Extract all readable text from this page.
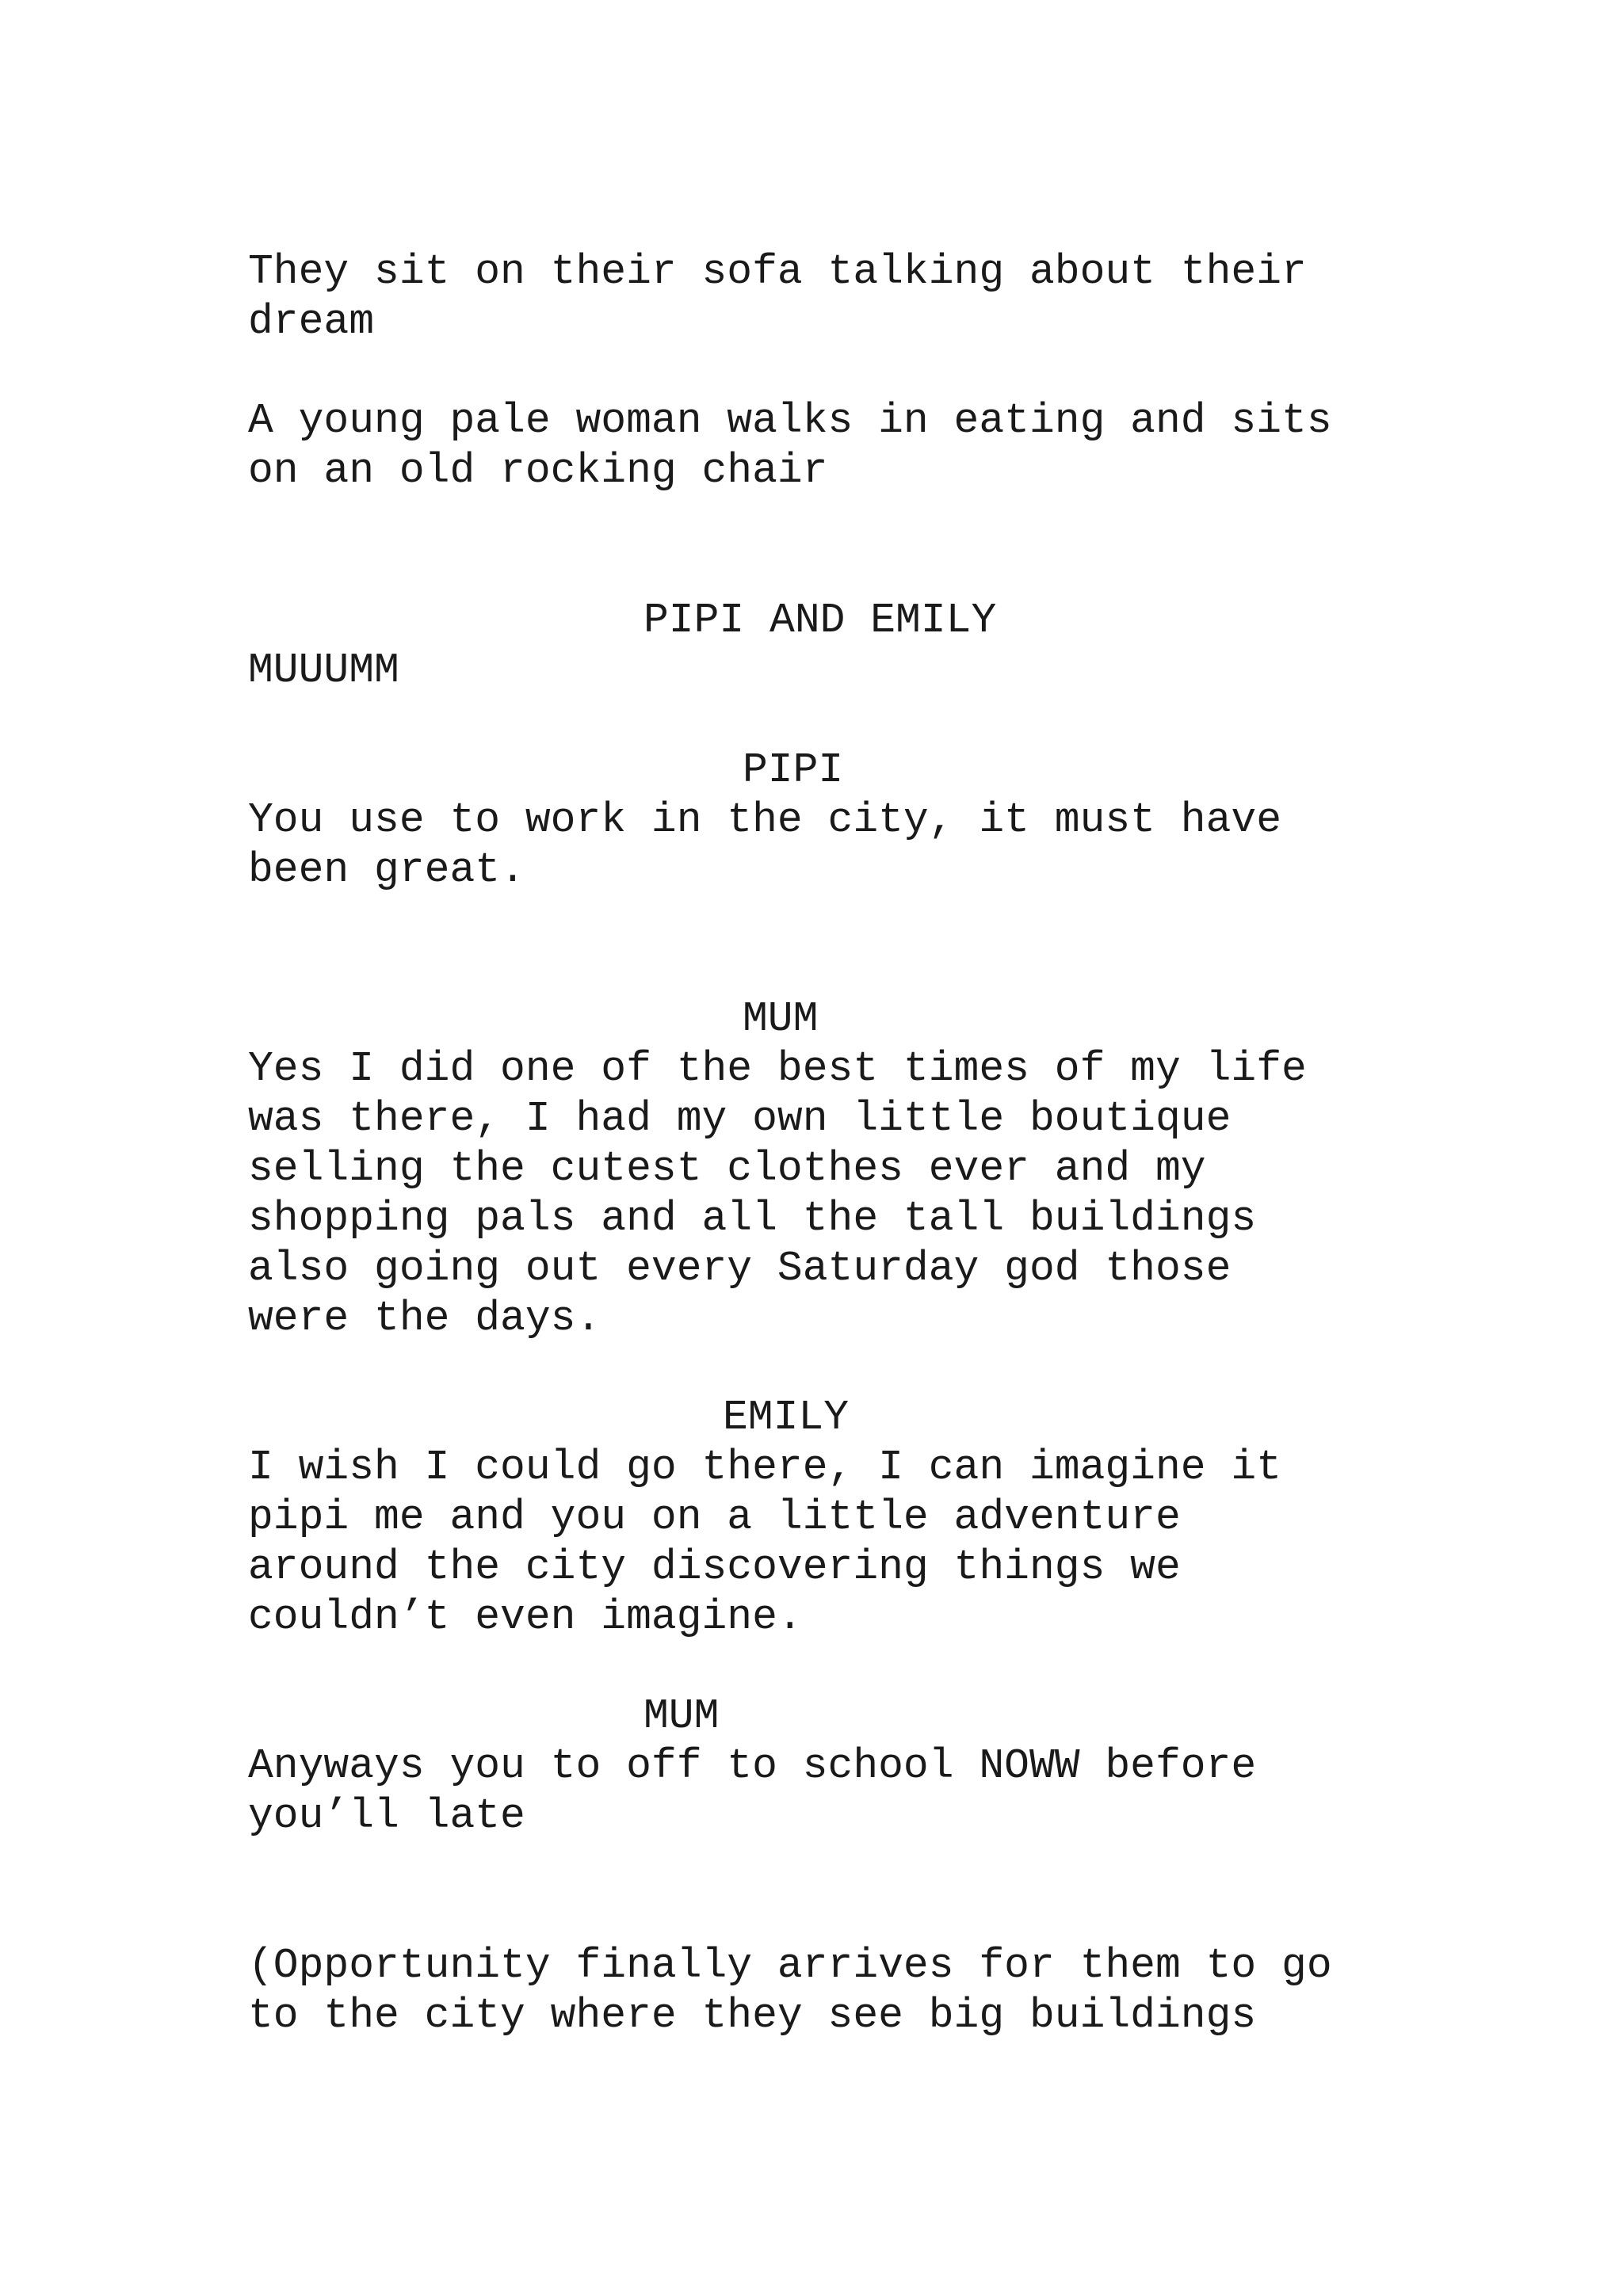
They sit on their sofa talking about their

dream

A young pale woman walks in eating and sits

on an old rocking chair

PIPI AND EMILY

MUUUMM

PIPI

You use to work in the city, it must have

been great.

MUM

Yes I did one of the best times of my life

was there, I had my own little boutique

selling the cutest clothes ever and my

shopping pals and all the tall buildings

also going out every Saturday god those

were the days.

EMILY

I wish I could go there, I can imagine it

pipi me and you on a little adventure

around the city discovering things we

couldn’t even imagine.

MUM

Anyways you to off to school NOWW before

you’ll late

(Opportunity finally arrives for them to go

to the city where they see big buildings
